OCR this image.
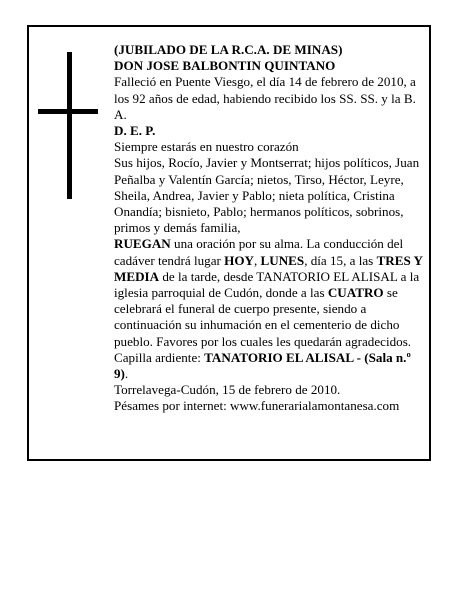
(JUBILADO DE LA R.C.A. DE MINAS)

DON JOSE BALBONTIN QUINTANO

Falleció en Puente Viesgo, el día 14 de febrero de 2010, a los 92 años de edad, habiendo recibido los SS. SS. y la B. A.

D. E. P.

Siempre estarás en nuestro corazón

Sus hijos, Rocío, Javier y Montserrat; hijos políticos, Juan Peñalba y Valentín García; nietos, Tirso, Héctor, Leyre, Sheila, Andrea, Javier y Pablo; nieta política, Cristina Onandía; bisnieto, Pablo; hermanos políticos, sobrinos, primos y demás familia,

RUEGAN una oración por su alma. La conducción del cadáver tendrá lugar HOY, LUNES, día 15, a las TRES Y MEDIA de la tarde, desde TANATORIO EL ALISAL a la iglesia parroquial de Cudón, donde a las CUATRO se celebrará el funeral de cuerpo presente, siendo a continuación su inhumación en el cementerio de dicho pueblo. Favores por los cuales les quedarán agradecidos.

Capilla ardiente: TANATORIO EL ALISAL - (Sala n.º 9).

Torrelavega-Cudón, 15 de febrero de 2010.

Pésames por internet: www.funerarialamontanesa.com
